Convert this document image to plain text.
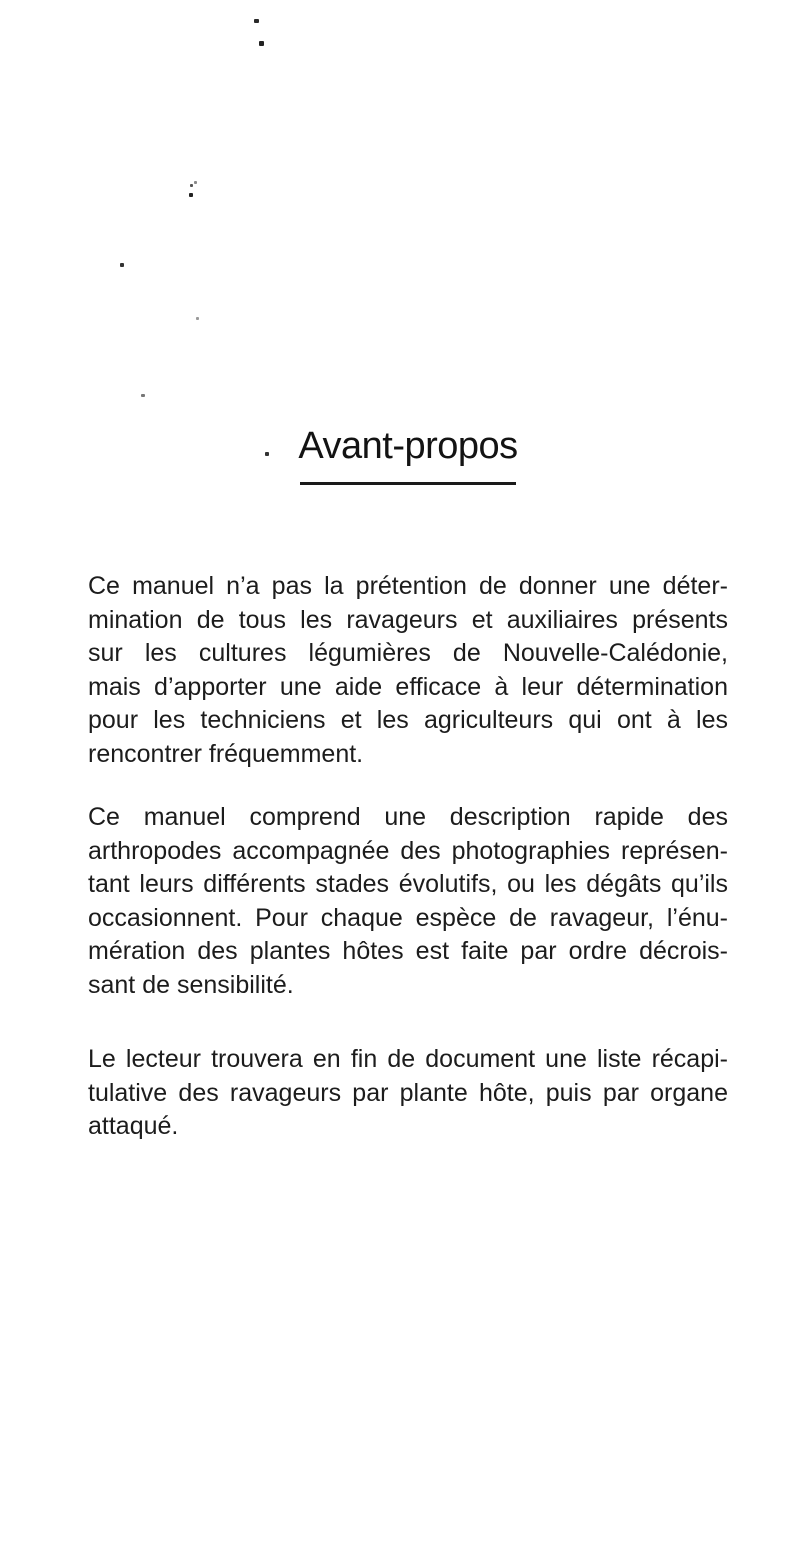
Avant-propos
Ce manuel n’a pas la prétention de donner une déter-
mination de tous les ravageurs et auxiliaires présents
sur les cultures légumières de Nouvelle-Calédonie,
mais d’apporter une aide efficace à leur détermination
pour les techniciens et les agriculteurs qui ont à les
rencontrer fréquemment.
Ce manuel comprend une description rapide des
arthropodes accompagnée des photographies représen-
tant leurs différents stades évolutifs, ou les dégâts qu’ils
occasionnent. Pour chaque espèce de ravageur, l’énu-
mération des plantes hôtes est faite par ordre décrois-
sant de sensibilité.
Le lecteur trouvera en fin de document une liste récapi-
tulative des ravageurs par plante hôte, puis par organe
attaqué.
